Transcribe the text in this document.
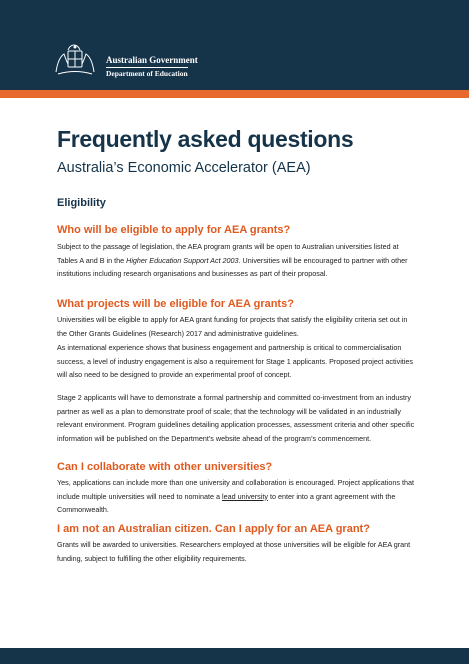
Australian Government
Department of Education
Frequently asked questions
Australia’s Economic Accelerator (AEA)
Eligibility
Who will be eligible to apply for AEA grants?
Subject to the passage of legislation, the AEA program grants will be open to Australian universities listed at Tables A and B in the Higher Education Support Act 2003. Universities will be encouraged to partner with other institutions including research organisations and businesses as part of their proposal.
What projects will be eligible for AEA grants?
Universities will be eligible to apply for AEA grant funding for projects that satisfy the eligibility criteria set out in the Other Grants Guidelines (Research) 2017 and administrative guidelines.
As international experience shows that business engagement and partnership is critical to commercialisation success, a level of industry engagement is also a requirement for Stage 1 applicants. Proposed project activities will also need to be designed to provide an experimental proof of concept.
Stage 2 applicants will have to demonstrate a formal partnership and committed co-investment from an industry partner as well as a plan to demonstrate proof of scale; that the technology will be validated in an industrially relevant environment. Program guidelines detailing application processes, assessment criteria and other specific information will be published on the Department’s website ahead of the program’s commencement.
Can I collaborate with other universities?
Yes, applications can include more than one university and collaboration is encouraged. Project applications that include multiple universities will need to nominate a lead university to enter into a grant agreement with the Commonwealth.
I am not an Australian citizen. Can I apply for an AEA grant?
Grants will be awarded to universities. Researchers employed at those universities will be eligible for AEA grant funding, subject to fulfilling the other eligibility requirements.
